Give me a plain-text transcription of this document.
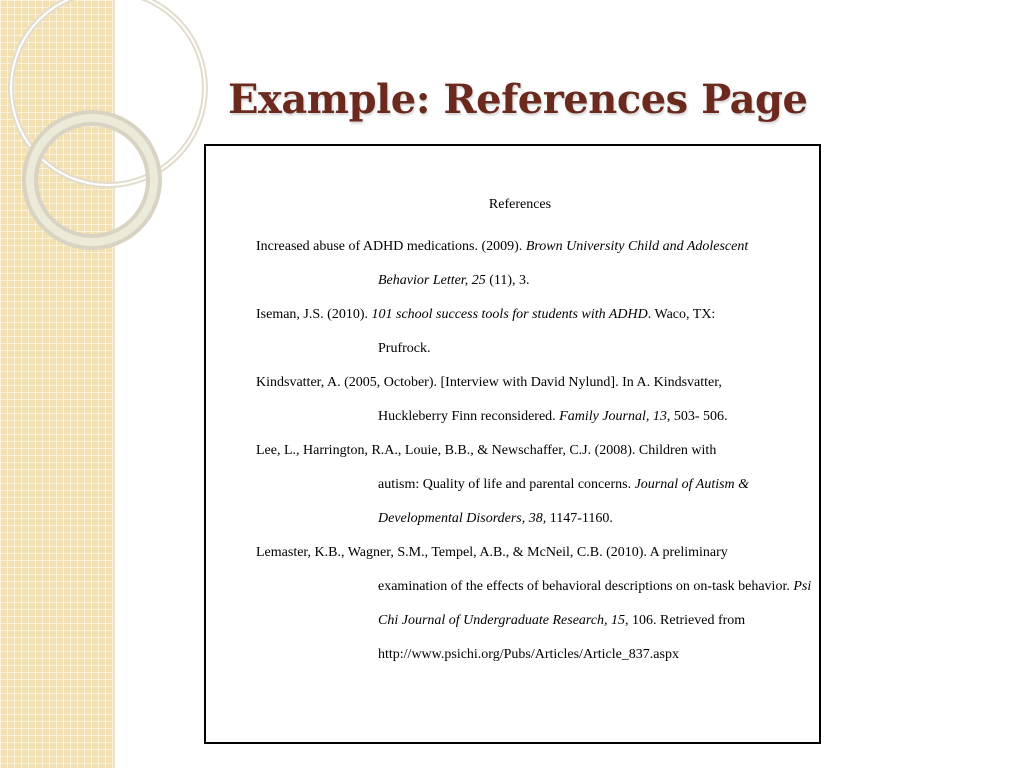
Example: References Page
References
Increased abuse of ADHD medications. (2009). Brown University Child and Adolescent
Behavior Letter, 25 (11), 3.
Iseman, J.S. (2010). 101 school success tools for students with ADHD. Waco, TX:
Prufrock.
Kindsvatter, A. (2005, October). [Interview with David Nylund]. In A. Kindsvatter,
Huckleberry Finn reconsidered. Family Journal, 13, 503- 506.
Lee, L., Harrington, R.A., Louie, B.B., & Newschaffer, C.J. (2008). Children with
autism: Quality of life and parental concerns. Journal of Autism &
Developmental Disorders, 38, 1147-1160.
Lemaster, K.B., Wagner, S.M., Tempel, A.B., & McNeil, C.B. (2010). A preliminary
examination of the effects of behavioral descriptions on on-task behavior. Psi
Chi Journal of Undergraduate Research, 15, 106. Retrieved from
http://www.psichi.org/Pubs/Articles/Article_837.aspx
